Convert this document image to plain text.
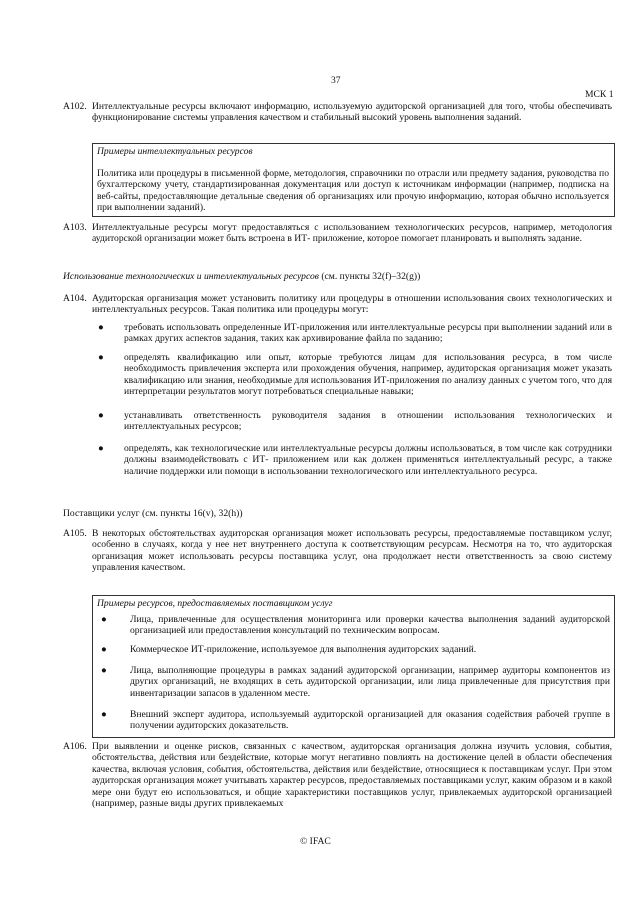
37
МСК 1
A102. Интеллектуальные ресурсы включают информацию, используемую аудиторской организацией для того, чтобы обеспечивать функционирование системы управления качеством и стабильный высокий уровень выполнения заданий.
Примеры интеллектуальных ресурсов
Политика или процедуры в письменной форме, методология, справочники по отрасли или предмету задания, руководства по бухгалтерскому учету, стандартизированная документация или доступ к источникам информации (например, подписка на веб-сайты, предоставляющие детальные сведения об организациях или прочую информацию, которая обычно используется при выполнении заданий).
A103. Интеллектуальные ресурсы могут предоставляться с использованием технологических ресурсов, например, методология аудиторской организации может быть встроена в ИТ- приложение, которое помогает планировать и выполнять задание.
Использование технологических и интеллектуальных ресурсов (см. пункты 32(f)–32(g))
A104. Аудиторская организация может установить политику или процедуры в отношении использования своих технологических и интеллектуальных ресурсов. Такая политика или процедуры могут:
● требовать использовать определенные ИТ-приложения или интеллектуальные ресурсы при выполнении заданий или в рамках других аспектов задания, таких как архивирование файла по заданию;
● определять квалификацию или опыт, которые требуются лицам для использования ресурса, в том числе необходимость привлечения эксперта или прохождения обучения, например, аудиторская организация может указать квалификацию или знания, необходимые для использования ИТ-приложения по анализу данных с учетом того, что для интерпретации результатов могут потребоваться специальные навыки;
● устанавливать ответственность руководителя задания в отношении использования технологических и интеллектуальных ресурсов;
● определять, как технологические или интеллектуальные ресурсы должны использоваться, в том числе как сотрудники должны взаимодействовать с ИТ- приложением или как должен применяться интеллектуальный ресурс, а также наличие поддержки или помощи в использовании технологического или интеллектуального ресурса.
Поставщики услуг (см. пункты 16(v), 32(h))
A105. В некоторых обстоятельствах аудиторская организация может использовать ресурсы, предоставляемые поставщиком услуг, особенно в случаях, когда у нее нет внутреннего доступа к соответствующим ресурсам. Несмотря на то, что аудиторская организация может использовать ресурсы поставщика услуг, она продолжает нести ответственность за свою систему управления качеством.
Примеры ресурсов, предоставляемых поставщиком услуг
● Лица, привлеченные для осуществления мониторинга или проверки качества выполнения заданий аудиторской организацией или предоставления консультаций по техническим вопросам.
● Коммерческое ИТ-приложение, используемое для выполнения аудиторских заданий.
● Лица, выполняющие процедуры в рамках заданий аудиторской организации, например аудиторы компонентов из других организаций, не входящих в сеть аудиторской организации, или лица привлеченные для присутствия при инвентаризации запасов в удаленном месте.
● Внешний эксперт аудитора, используемый аудиторской организацией для оказания содействия рабочей группе в получении аудиторских доказательств.
A106. При выявлении и оценке рисков, связанных с качеством, аудиторская организация должна изучить условия, события, обстоятельства, действия или бездействие, которые могут негативно повлиять на достижение целей в области обеспечения качества, включая условия, события, обстоятельства, действия или бездействие, относящиеся к поставщикам услуг. При этом аудиторская организация может учитывать характер ресурсов, предоставляемых поставщиками услуг, каким образом и в какой мере они будут ею использоваться, и общие характеристики поставщиков услуг, привлекаемых аудиторской организацией (например, разные виды других привлекаемых
© IFAC
